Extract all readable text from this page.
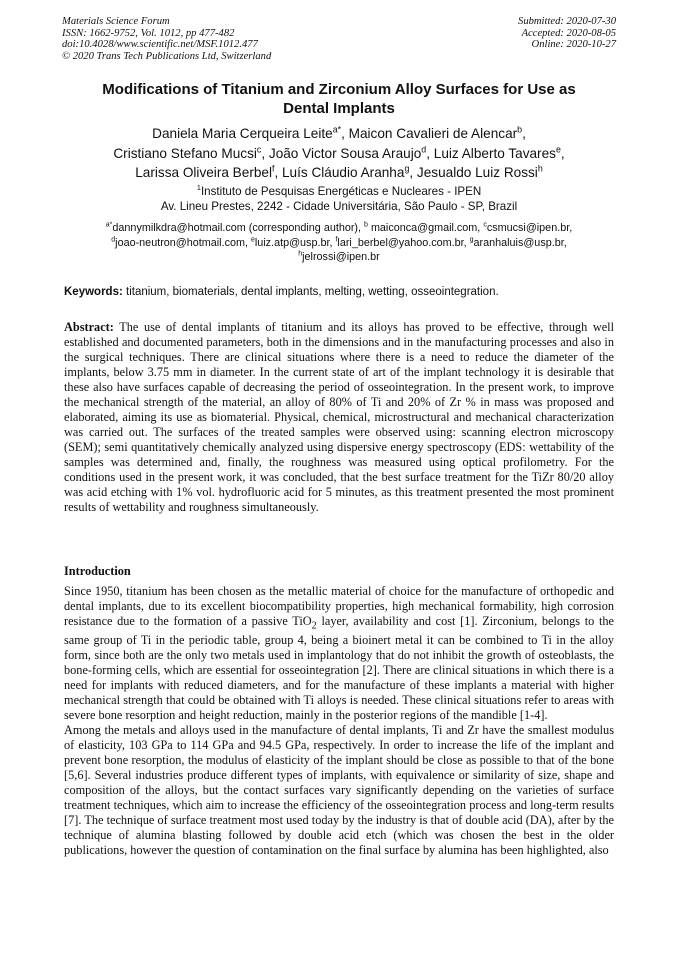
Materials Science Forum
ISSN: 1662-9752, Vol. 1012, pp 477-482
doi:10.4028/www.scientific.net/MSF.1012.477
© 2020 Trans Tech Publications Ltd, Switzerland
Submitted: 2020-07-30
Accepted: 2020-08-05
Online: 2020-10-27
Modifications of Titanium and Zirconium Alloy Surfaces for Use as
Dental Implants
Daniela Maria Cerqueira Leite$^{a*}$, Maicon Cavalieri de Alencar$^b$,
Cristiano Stefano Mucsi$^c$, João Victor Sousa Araujo$^d$, Luiz Alberto Tavares$^e$,
Larissa Oliveira Berbel$^f$, Luís Cláudio Aranha$^g$, Jesualdo Luiz Rossi$^h$
$^1$Instituto de Pesquisas Energéticas e Nucleares - IPEN
Av. Lineu Prestes, 2242 - Cidade Universitária, São Paulo - SP, Brazil
$^{a*}$dannymilkdra@hotmail.com (corresponding author), $^b$ maiconca@gmail.com, $^c$csmucsi@ipen.br,
$^d$joao-neutron@hotmail.com, $^e$luiz.atp@usp.br, $^f$lari_berbel@yahoo.com.br, $^g$aranhaluis@usp.br,
$^h$jelrossi@ipen.br
Keywords: titanium, biomaterials, dental implants, melting, wetting, osseointegration.
Abstract: The use of dental implants of titanium and its alloys has proved to be effective, through well established and documented parameters, both in the dimensions and in the manufacturing processes and also in the surgical techniques. There are clinical situations where there is a need to reduce the diameter of the implants, below 3.75 mm in diameter. In the current state of art of the implant technology it is desirable that these also have surfaces capable of decreasing the period of osseointegration. In the present work, to improve the mechanical strength of the material, an alloy of 80% of Ti and 20% of Zr % in mass was proposed and elaborated, aiming its use as biomaterial. Physical, chemical, microstructural and mechanical characterization was carried out. The surfaces of the treated samples were observed using: scanning electron microscopy (SEM); semi quantitatively chemically analyzed using dispersive energy spectroscopy (EDS: wettability of the samples was determined and, finally, the roughness was measured using optical profilometry. For the conditions used in the present work, it was concluded, that the best surface treatment for the TiZr 80/20 alloy was acid etching with 1% vol. hydrofluoric acid for 5 minutes, as this treatment presented the most prominent results of wettability and roughness simultaneously.
Introduction

Since 1950, titanium has been chosen as the metallic material of choice for the manufacture of orthopedic and dental implants, due to its excellent biocompatibility properties, high mechanical formability, high corrosion resistance due to the formation of a passive TiO$_2$ layer, availability and cost [1]. Zirconium, belongs to the same group of Ti in the periodic table, group 4, being a bioinert metal it can be combined to Ti in the alloy form, since both are the only two metals used in implantology that do not inhibit the growth of osteoblasts, the bone-forming cells, which are essential for osseointegration [2]. There are clinical situations in which there is a need for implants with reduced diameters, and for the manufacture of these implants a material with higher mechanical strength that could be obtained with Ti alloys is needed. These clinical situations refer to areas with severe bone resorption and height reduction, mainly in the posterior regions of the mandible [1-4].

Among the metals and alloys used in the manufacture of dental implants, Ti and Zr have the smallest modulus of elasticity, 103 GPa to 114 GPa and 94.5 GPa, respectively. In order to increase the life of the implant and prevent bone resorption, the modulus of elasticity of the implant should be close as possible to that of the bone [5,6]. Several industries produce different types of implants, with equivalence or similarity of size, shape and composition of the alloys, but the contact surfaces vary significantly depending on the varieties of surface treatment techniques, which aim to increase the efficiency of the osseointegration process and long-term results [7]. The technique of surface treatment most used today by the industry is that of double acid (DA), after by the technique of alumina blasting followed by double acid etch (which was chosen the best in the older publications, however the question of contamination on the final surface by alumina has been highlighted, also
